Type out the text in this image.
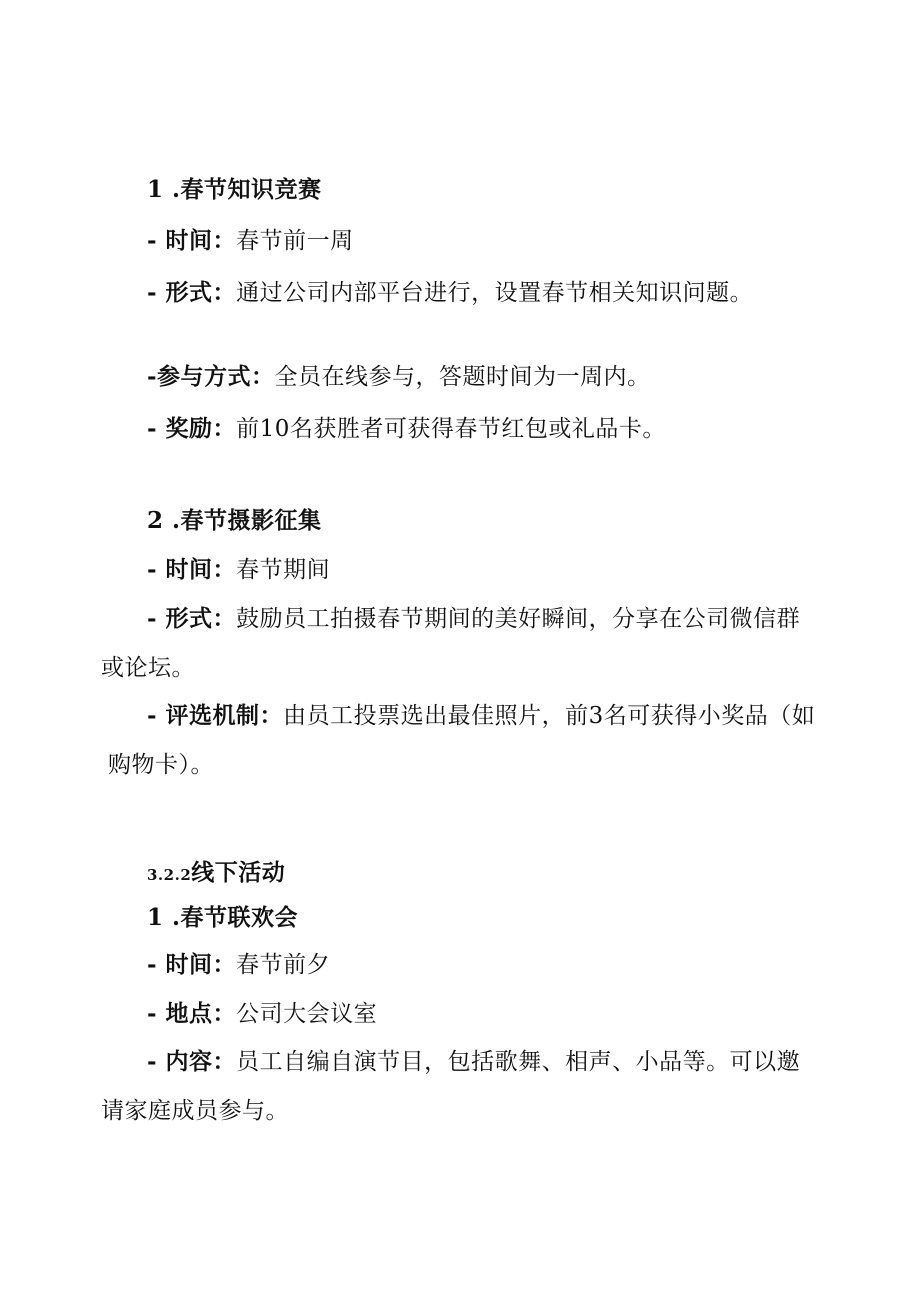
1 .春节知识竞赛

- 时间：春节前一周

- 形式：通过公司内部平台进行，设置春节相关知识问题。

-参与方式：全员在线参与，答题时间为一周内。

- 奖励：前10名获胜者可获得春节红包或礼品卡。

2 .春节摄影征集

- 时间：春节期间

- 形式：鼓励员工拍摄春节期间的美好瞬间，分享在公司微信群

或论坛。

- 评选机制：由员工投票选出最佳照片，前3名可获得小奖品（如

购物卡）。

3.2.2线下活动

1 .春节联欢会

- 时间：春节前夕

- 地点：公司大会议室

- 内容：员工自编自演节目，包括歌舞、相声、小品等。可以邀

请家庭成员参与。
